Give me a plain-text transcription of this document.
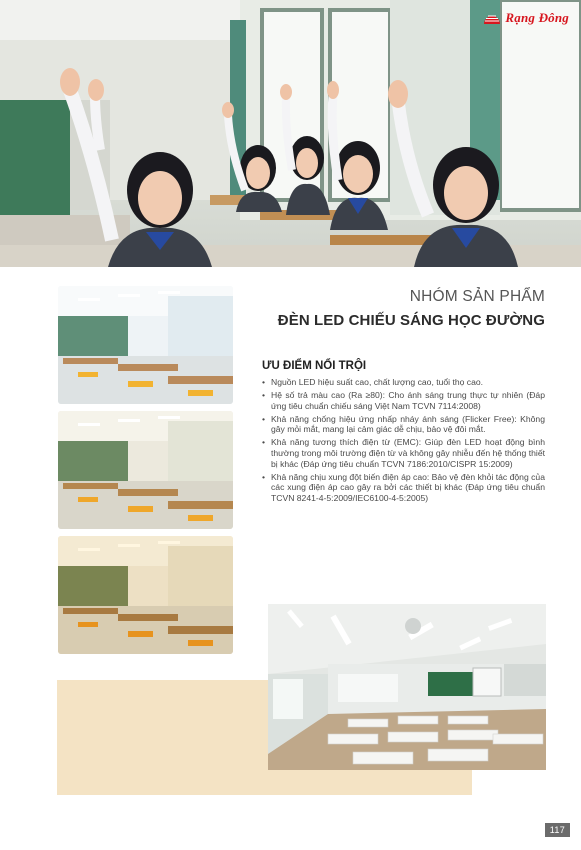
Rạng Đông
NHÓM SẢN PHẨM
ĐÈN LED CHIẾU SÁNG HỌC ĐƯỜNG
ƯU ĐIỂM NỔI TRỘI
• Nguồn LED hiệu suất cao, chất lượng cao, tuổi thọ cao.
• Hệ số trả màu cao (Ra ≥80): Cho ánh sáng trung thực tự nhiên (Đáp ứng tiêu chuẩn chiếu sáng Việt Nam TCVN 7114:2008)
• Khả năng chống hiệu ứng nhấp nháy ánh sáng (Flicker Free): Không gây mỏi mắt, mang lại cảm giác dễ chịu, bảo vệ đôi mắt.
• Khả năng tương thích điện từ (EMC): Giúp đèn LED hoạt động bình thường trong môi trường điện từ và không gây nhiễu đến hệ thống thiết bị khác (Đáp ứng tiêu chuẩn TCVN 7186:2010/CISPR 15:2009)
• Khả năng chịu xung đột biến điện áp cao: Bảo vệ đèn khỏi tác động của các xung điện áp cao gây ra bởi các thiết bị khác (Đáp ứng tiêu chuẩn TCVN 8241-4-5:2009/IEC6100-4-5:2005)
117
